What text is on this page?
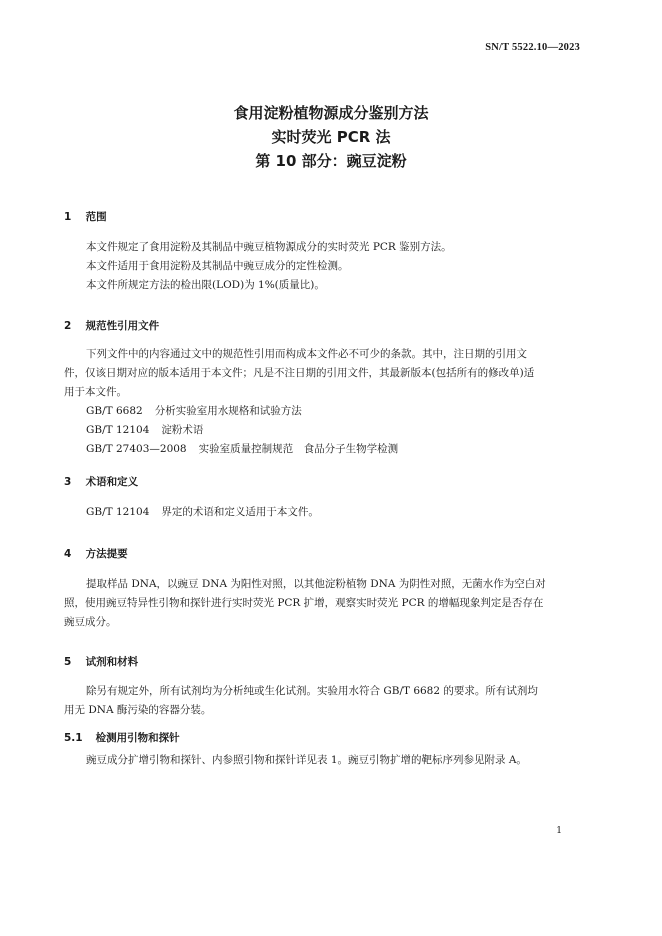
SN/T 5522.10—2023
食用淀粉植物源成分鉴别方法
实时荧光 PCR 法
第 10 部分：豌豆淀粉
1 范围
本文件规定了食用淀粉及其制品中豌豆植物源成分的实时荧光 PCR 鉴别方法。
本文件适用于食用淀粉及其制品中豌豆成分的定性检测。
本文件所规定方法的检出限(LOD)为 1%(质量比)。
2 规范性引用文件
下列文件中的内容通过文中的规范性引用而构成本文件必不可少的条款。其中，注日期的引用文
件，仅该日期对应的版本适用于本文件；凡是不注日期的引用文件，其最新版本(包括所有的修改单)适
用于本文件。
GB/T 6682 分析实验室用水规格和试验方法
GB/T 12104 淀粉术语
GB/T 27403—2008 实验室质量控制规范　食品分子生物学检测
3 术语和定义
GB/T 12104 界定的术语和定义适用于本文件。
4 方法提要
提取样品 DNA，以豌豆 DNA 为阳性对照，以其他淀粉植物 DNA 为阴性对照，无菌水作为空白对
照，使用豌豆特异性引物和探针进行实时荧光 PCR 扩增，观察实时荧光 PCR 的增幅现象判定是否存在
豌豆成分。
5 试剂和材料
除另有规定外，所有试剂均为分析纯或生化试剂。实验用水符合 GB/T 6682 的要求。所有试剂均
用无 DNA 酶污染的容器分装。
5.1 检测用引物和探针
豌豆成分扩增引物和探针、内参照引物和探针详见表 1。豌豆引物扩增的靶标序列参见附录 A。
1
